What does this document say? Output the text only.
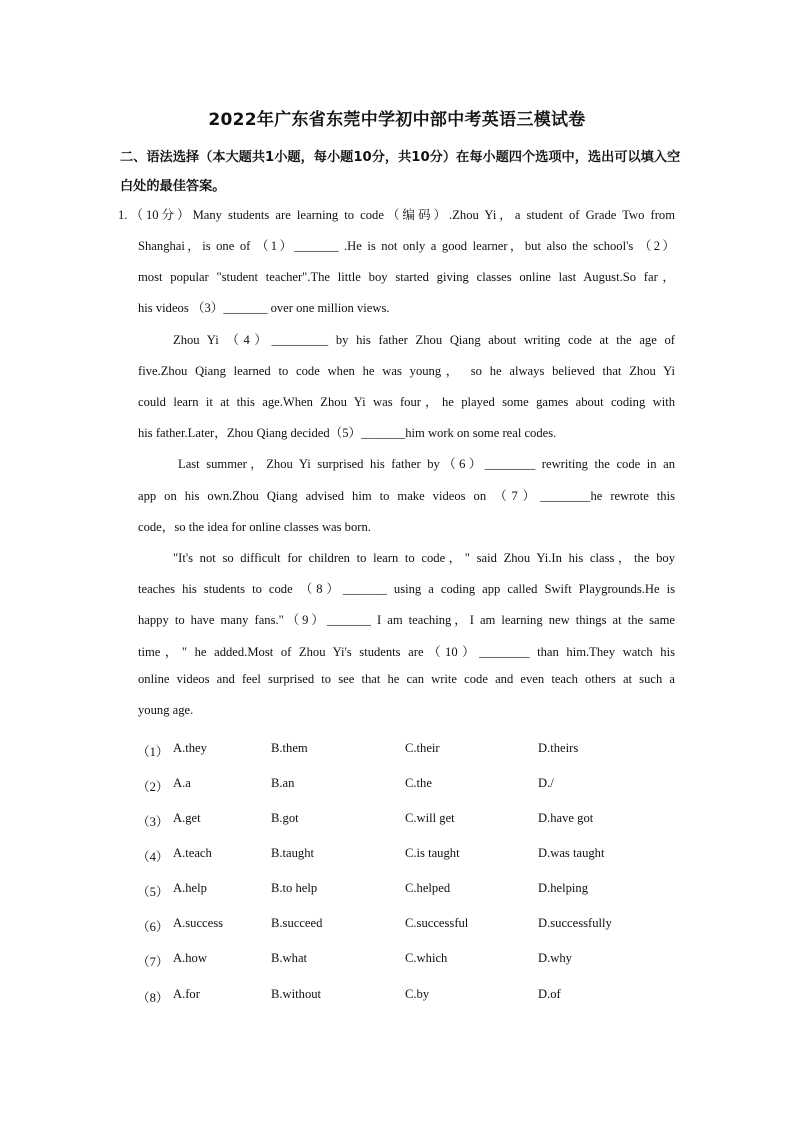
2022年广东省东莞中学初中部中考英语三模试卷
二、语法选择（本大题共1小题，每小题10分，共10分）在每小题四个选项中，选出可以填入空白处的最佳答案。
1.（10分）Many students are learning to code（编码）.Zhou Yi，a student of Grade Two from
Shanghai，is one of （1）_______ .He is not only a good learner，but also the school's （2）
most popular "student teacher".The little boy started giving classes online last August.So far，
his videos （3）_______ over one million views.
Zhou Yi （4）_________ by his father Zhou Qiang about writing code at the age of
five.Zhou Qiang learned to code when he was young， so he always believed that Zhou Yi
could learn it at this age.When Zhou Yi was four，he played some games about coding with
his father.Later，Zhou Qiang decided（5）_______him work on some real codes.
Last summer，Zhou Yi surprised his father by（6）________ rewriting the code in an
app on his own.Zhou Qiang advised him to make videos on （7）________he rewrote this
code，so the idea for online classes was born.
"It's not so difficult for children to learn to code，" said Zhou Yi.In his class，the boy
teaches his students to code （8）_______ using a coding app called Swift Playgrounds.He is
happy to have many fans."（9）_______ I am teaching，I am learning new things at the same
time，" he added.Most of Zhou Yi's students are（10）________ than him.They watch his
online videos and feel surprised to see that he can write code and even teach others at such a
young age.
（1） A.they	B.them	C.their	D.theirs
（2） A.a	B.an	C.the	D./
（3） A.get	B.got	C.will get	D.have got
（4） A.teach	B.taught	C.is taught	D.was taught
（5） A.help	B.to help	C.helped	D.helping
（6） A.success	B.succeed	C.successful	D.successfully
（7） A.how	B.what	C.which	D.why
（8） A.for	B.without	C.by	D.of
